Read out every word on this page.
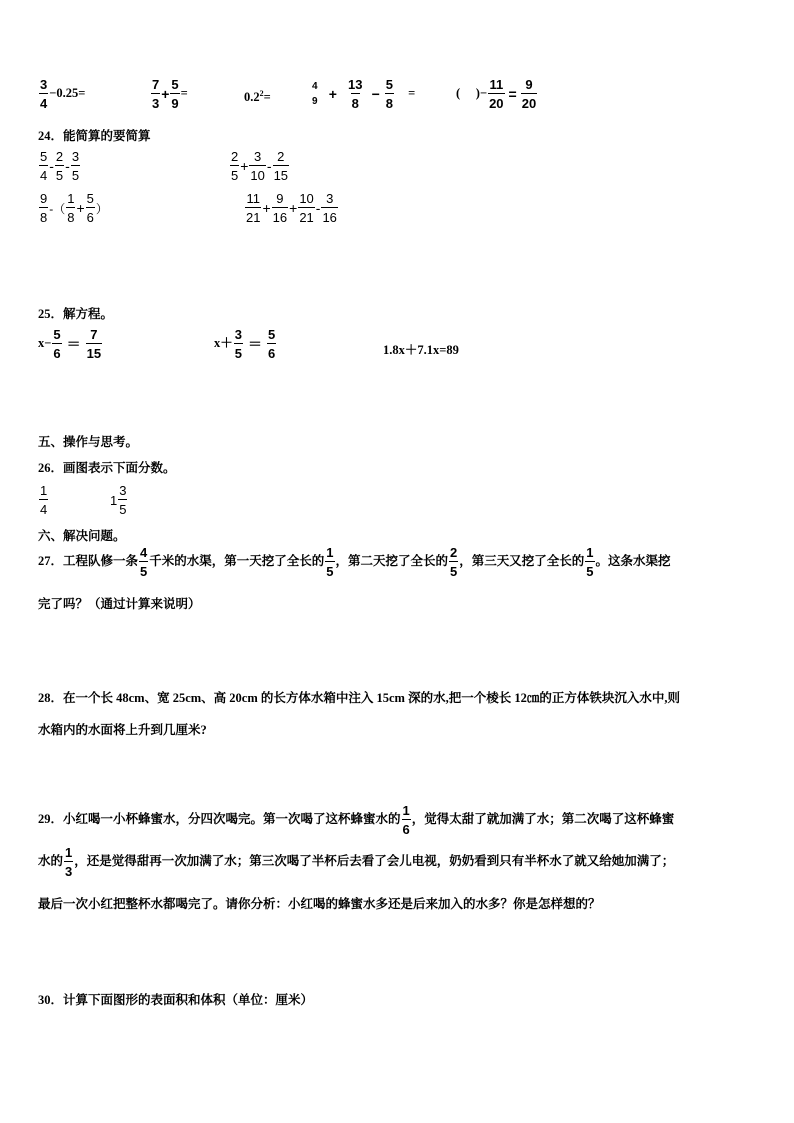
$\frac{3}{4} -0.25=$	$\frac{7}{3} + \frac{5}{9}$ =	$0.2^2=$
4
$9 + \frac{13}{8} - \frac{5}{8}$ =	(     )− $\frac{11}{20} = \frac{9}{20}$
24．能简算的要简算
$\frac{5}{4} - \frac{2}{5} - \frac{3}{5}$	$\frac{2}{5} + \frac{3}{10} - \frac{2}{15}$
$\frac{9}{8}$ -（ $\frac{1}{8} + \frac{5}{6}$ ）	$\frac{11}{21} + \frac{9}{16} + \frac{10}{21} - \frac{3}{16}$
25．解方程。
$x- \frac{5}{6} = \frac{7}{15}$	$x+ \frac{3}{5} = \frac{5}{6}$	1.8x＋7.1x=89
五、操作与思考。
26．画图表示下面分数。
$\frac{1}{4}$	$1 \frac{3}{5}$
六、解决问题。
27．工程队修一条 $\frac{4}{5}$ 千米的水渠，第一天挖了全长的 $\frac{1}{5}$ ，第二天挖了全长的 $\frac{2}{5}$ ，第三天又挖了全长的 $\frac{1}{5}$ 。这条水渠挖
完了吗？（通过计算来说明）
28．在一个长 48cm、宽 25cm、高 20cm 的长方体水箱中注入 15cm 深的水,把一个棱长 12㎝的正方体铁块沉入水中,则
水箱内的水面将上升到几厘米?
29．小红喝一小杯蜂蜜水，分四次喝完。第一次喝了这杯蜂蜜水的 $\frac{1}{6}$ ，觉得太甜了就加满了水；第二次喝了这杯蜂蜜
水的 $\frac{1}{3}$ ，还是觉得甜再一次加满了水；第三次喝了半杯后去看了会儿电视，奶奶看到只有半杯水了就又给她加满了；
最后一次小红把整杯水都喝完了。请你分析：小红喝的蜂蜜水多还是后来加入的水多？你是怎样想的？
30．计算下面图形的表面积和体积（单位：厘米）
